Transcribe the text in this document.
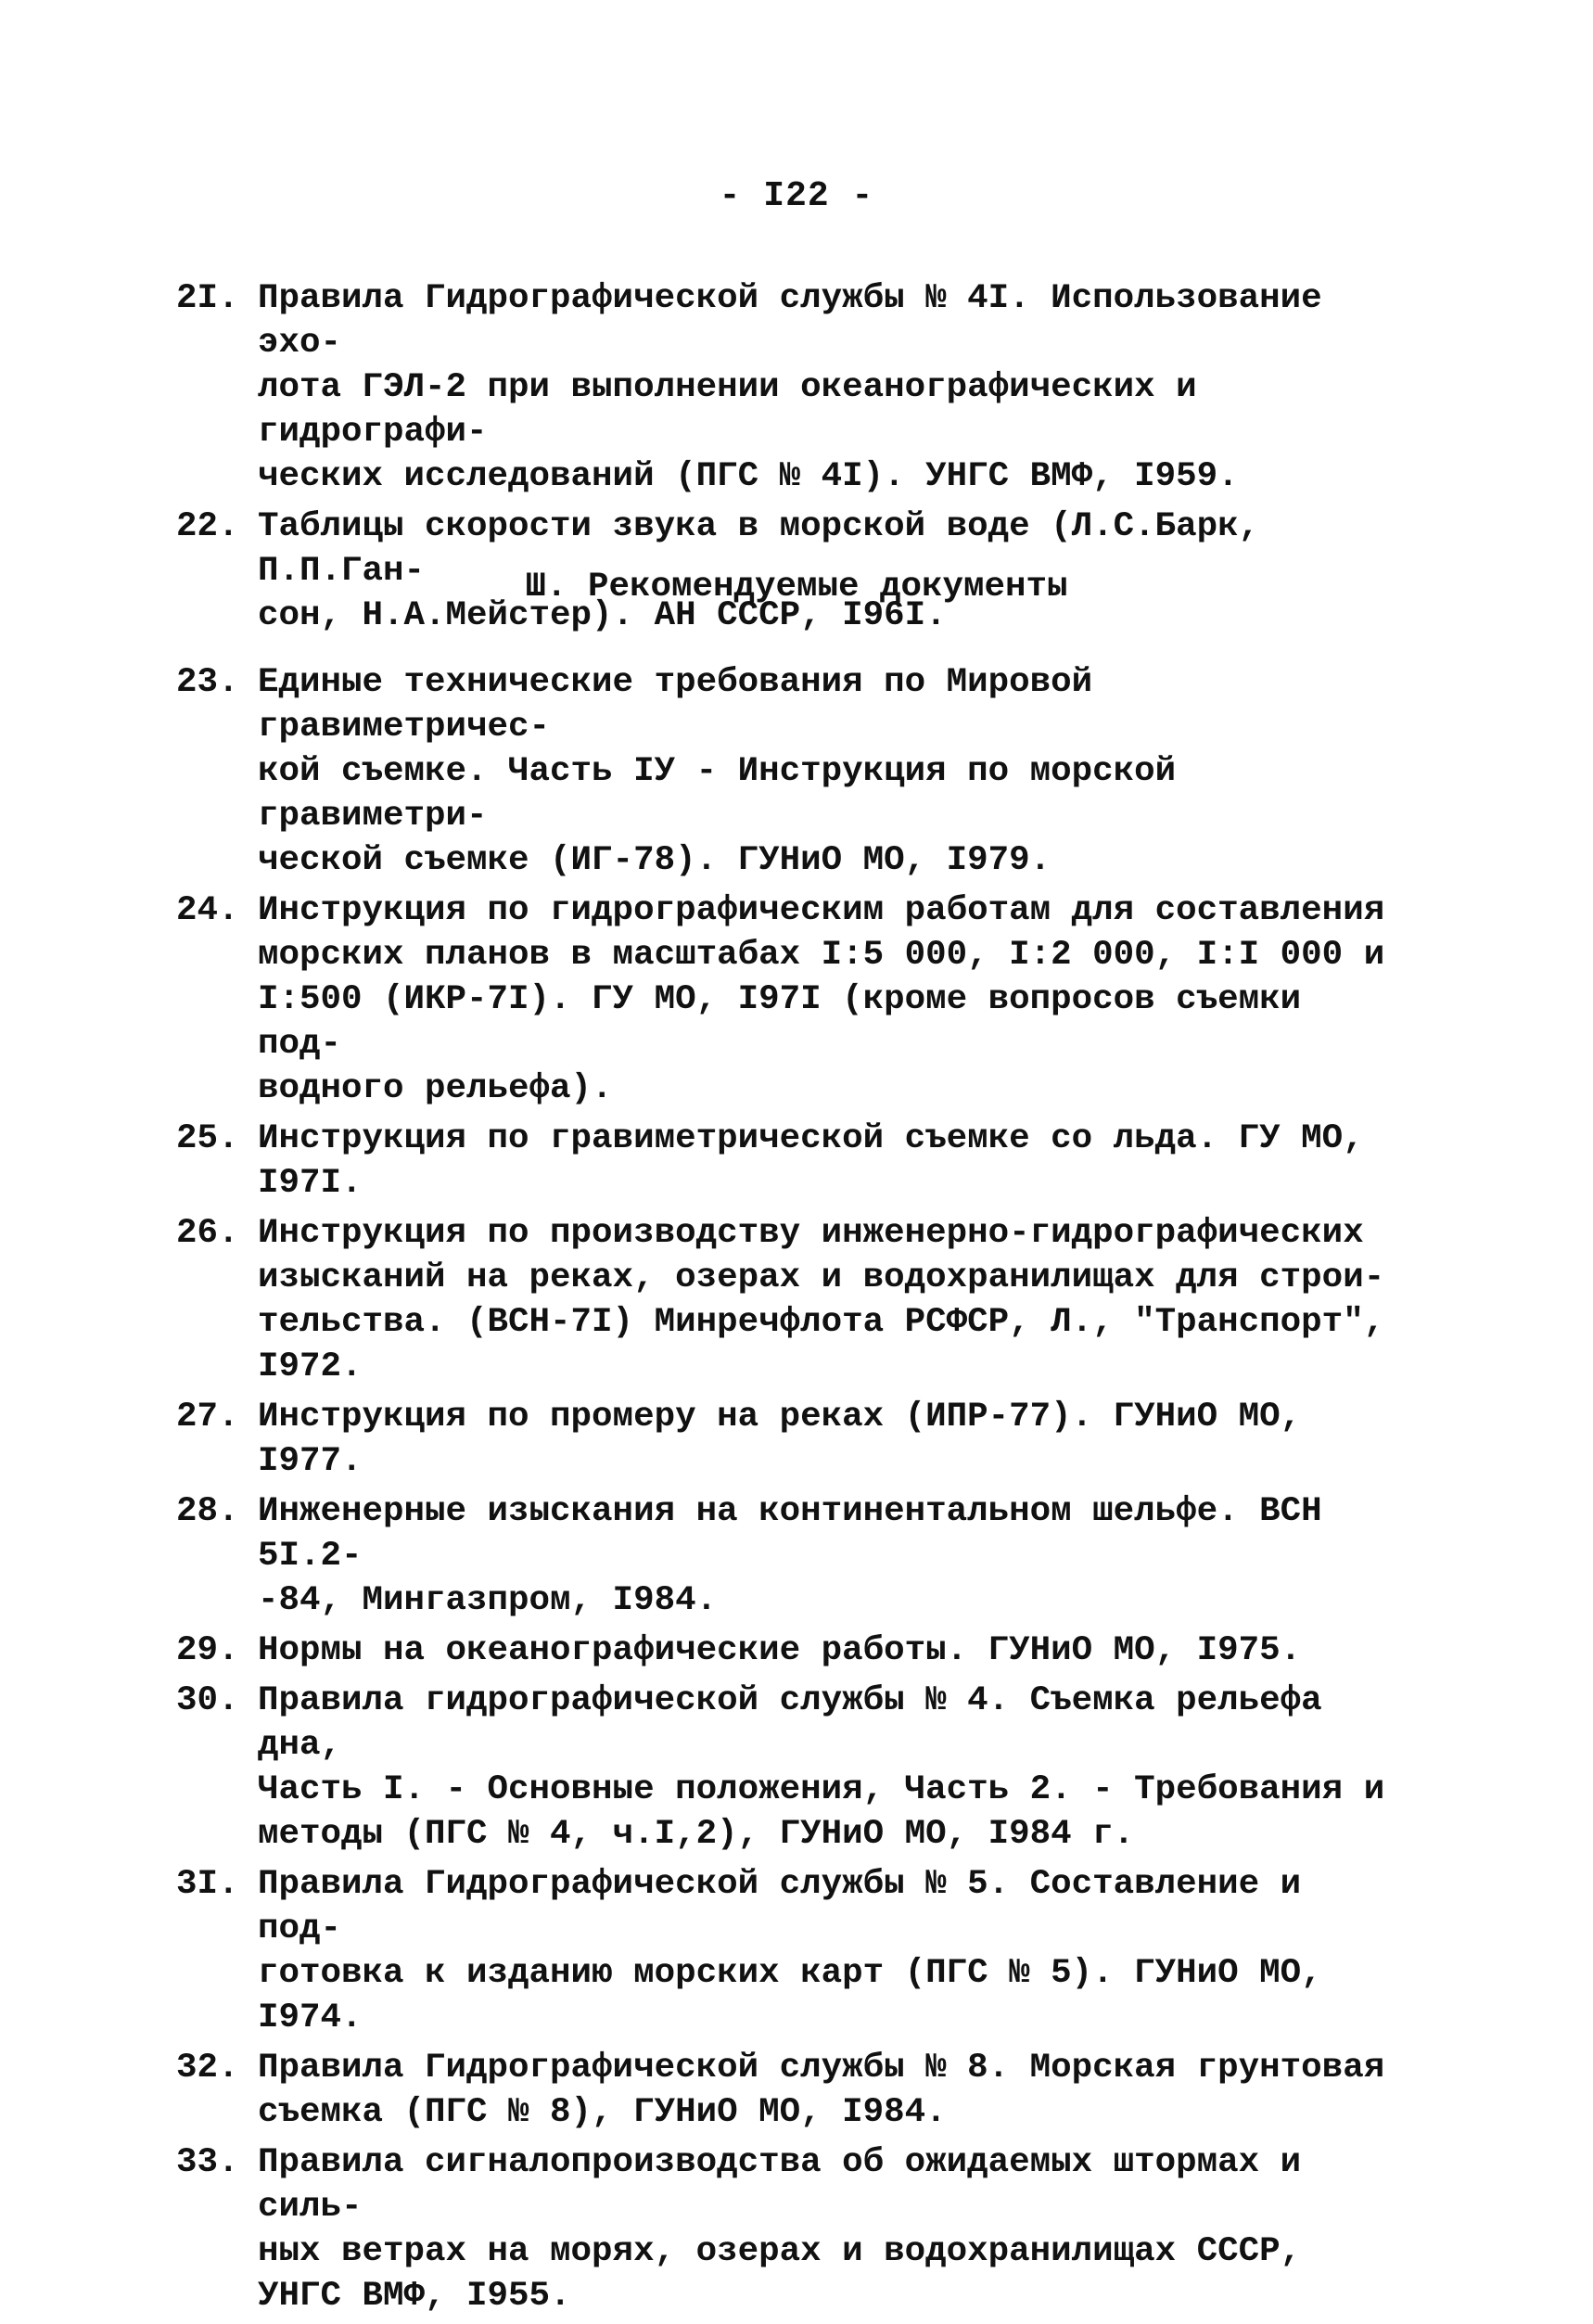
- I22 -
2I. Правила Гидрографической службы № 4I. Использование эхо-
лота ГЭЛ-2 при выполнении океанографических и гидрографи-
ческих исследований (ПГС № 4I). УНГС ВМФ, I959.
22. Таблицы скорости звука в морской воде (Л.С.Барк, П.П.Ган-
сон, Н.А.Мейстер). АН СССР, I96I.
Ш. Рекомендуемые документы
23. Единые технические требования по Мировой гравиметричес-
кой съемке. Часть IУ - Инструкция по морской гравиметри-
ческой съемке (ИГ-78). ГУНиО МО, I979.
24. Инструкция по гидрографическим работам для составления
морских планов в масштабах I:5 000, I:2 000, I:I 000 и
I:500 (ИКР-7I). ГУ МО, I97I (кроме вопросов съемки под-
водного рельефа).
25. Инструкция по гравиметрической съемке со льда. ГУ МО,
I97I.
26. Инструкция по производству инженерно-гидрографических
изысканий на реках, озерах и водохранилищах для строи-
тельства. (ВСН-7I) Минречфлота РСФСР, Л., "Транспорт",
I972.
27. Инструкция по промеру на реках (ИПР-77). ГУНиО МО, I977.
28. Инженерные изыскания на континентальном шельфе. ВСН 5I.2-
-84, Мингазпром, I984.
29. Нормы на океанографические работы. ГУНиО МО, I975.
30. Правила гидрографической службы № 4. Съемка рельефа дна,
Часть I. - Основные положения, Часть 2. - Требования и
методы (ПГС № 4, ч.I,2), ГУНиО МО, I984 г.
3I. Правила Гидрографической службы № 5. Составление и под-
готовка к изданию морских карт (ПГС № 5). ГУНиО МО, I974.
32. Правила Гидрографической службы № 8. Морская грунтовая
съемка (ПГС № 8), ГУНиО МО, I984.
33. Правила сигналопроизводства об ожидаемых штормах и силь-
ных ветрах на морях, озерах и водохранилищах СССР,
УНГС ВМФ, I955.
